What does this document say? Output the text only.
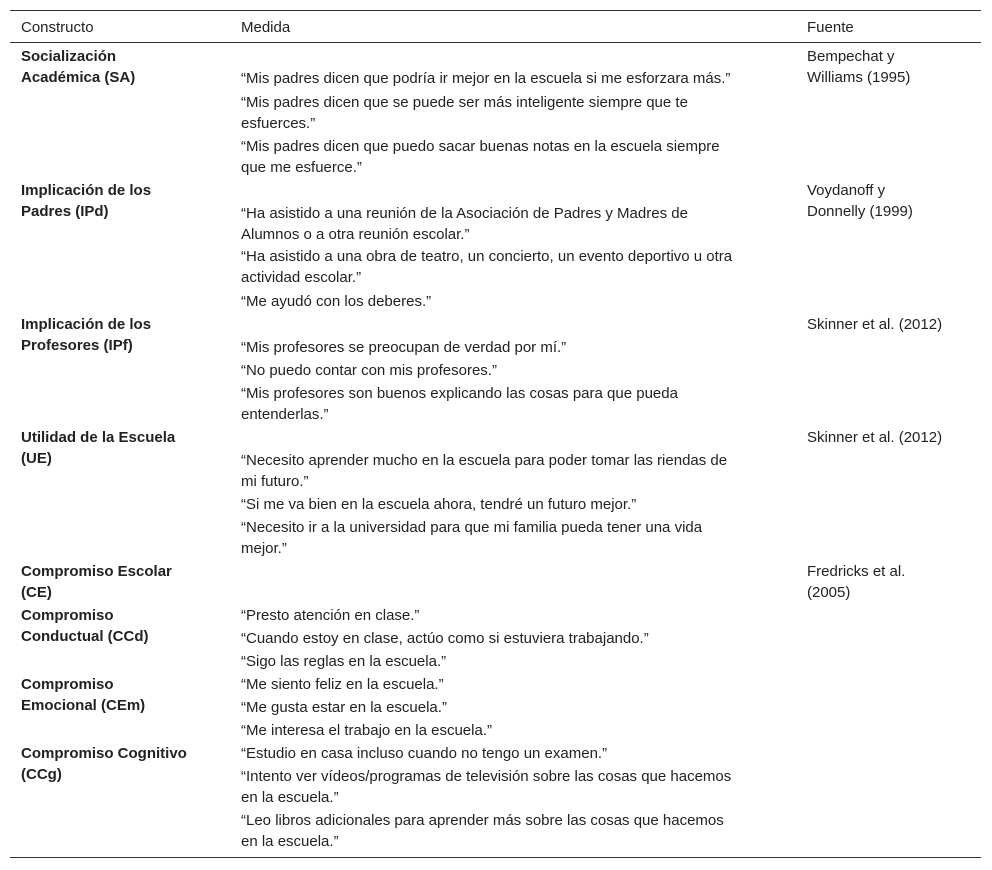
Constructo	Medida	Fuente
Socialización
Académica (SA)
Bempechat y
Williams (1995)
“Mis padres dicen que podría ir mejor en la escuela si me esforzara más.”
“Mis padres dicen que se puede ser más inteligente siempre que te
esfuerces.”
“Mis padres dicen que puedo sacar buenas notas en la escuela siempre
que me esfuerce.”
Implicación de los
Padres (IPd)
Voydanoff y
Donnelly (1999)
“Ha asistido a una reunión de la Asociación de Padres y Madres de
Alumnos o a otra reunión escolar.”
“Ha asistido a una obra de teatro, un concierto, un evento deportivo u otra
actividad escolar.”
“Me ayudó con los deberes.”
Implicación de los
Profesores (IPf)
Skinner et al. (2012)
“Mis profesores se preocupan de verdad por mí.”
“No puedo contar con mis profesores.”
“Mis profesores son buenos explicando las cosas para que pueda
entenderlas.”
Utilidad de la Escuela
(UE)
Skinner et al. (2012)
“Necesito aprender mucho en la escuela para poder tomar las riendas de
mi futuro.”
“Si me va bien en la escuela ahora, tendré un futuro mejor.”
“Necesito ir a la universidad para que mi familia pueda tener una vida
mejor.”
Compromiso Escolar
(CE)
Fredricks et al.
(2005)
Compromiso
Conductual (CCd)
“Presto atención en clase.”
“Cuando estoy en clase, actúo como si estuviera trabajando.”
“Sigo las reglas en la escuela.”
Compromiso
Emocional (CEm)
“Me siento feliz en la escuela.”
“Me gusta estar en la escuela.”
“Me interesa el trabajo en la escuela.”
Compromiso Cognitivo
(CCg)
“Estudio en casa incluso cuando no tengo un examen.”
“Intento ver vídeos/programas de televisión sobre las cosas que hacemos
en la escuela.”
“Leo libros adicionales para aprender más sobre las cosas que hacemos
en la escuela.”
